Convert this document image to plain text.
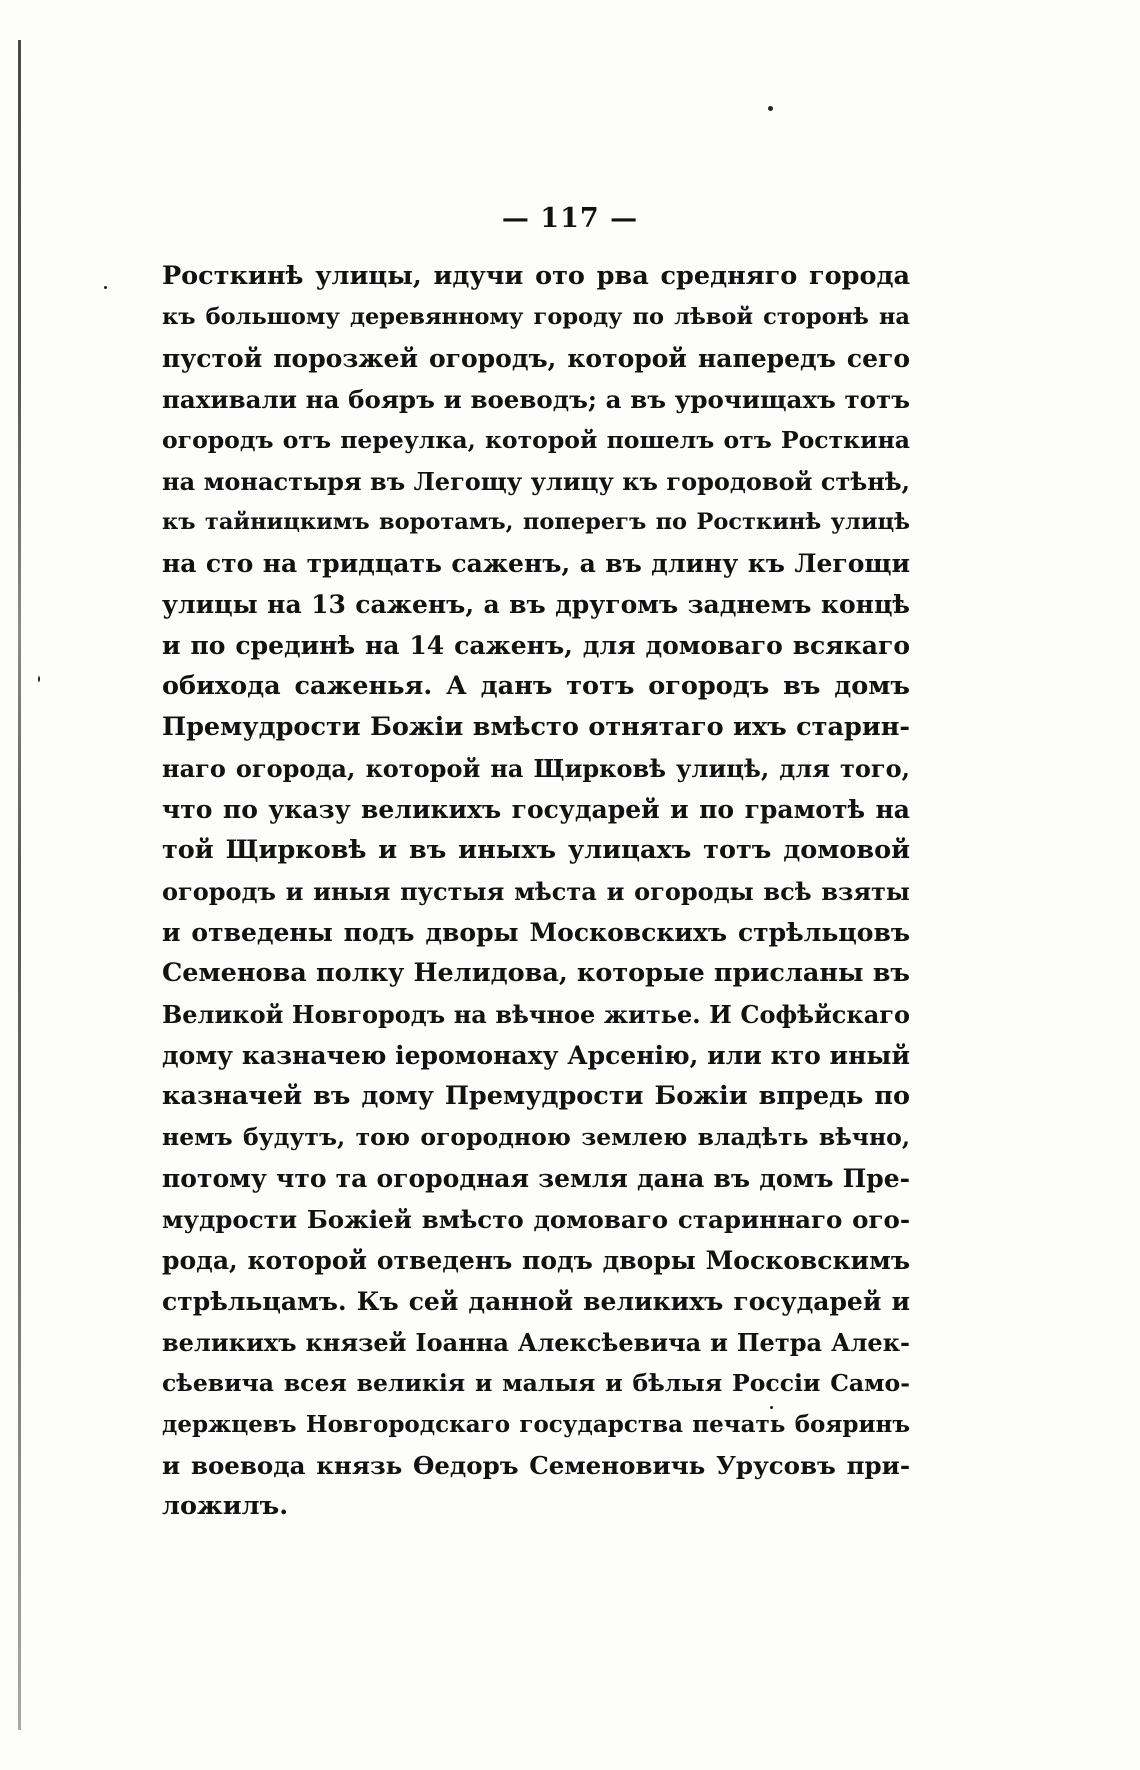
— 117 —
Росткинѣ улицы, идучи ото рва средняго города
къ большому деревянному городу по лѣвой сторонѣ на
пустой порозжей огородъ, которой напередъ сего
пахивали на бояръ и воеводъ; а въ урочищахъ тотъ
огородъ отъ переулка, которой пошелъ отъ Росткина
на монастыря въ Легощу улицу къ городовой стѣнѣ,
къ тайницкимъ воротамъ, поперегъ по Росткинѣ улицѣ
на сто на тридцать саженъ, а въ длину къ Легощи
улицы на 13 саженъ, а въ другомъ заднемъ концѣ
и по срединѣ на 14 саженъ, для домоваго всякаго
обихода саженья. А данъ тотъ огородъ въ домъ
Премудрости Божіи вмѣсто отнятаго ихъ старин-
наго огорода, которой на Щирковѣ улицѣ, для того,
что по указу великихъ государей и по грамотѣ на
той Щирковѣ и въ иныхъ улицахъ тотъ домовой
огородъ и иныя пустыя мѣста и огороды всѣ взяты
и отведены подъ дворы Московскихъ стрѣльцовъ
Семенова полку Нелидова, которые присланы въ
Великой Новгородъ на вѣчное житье. И Софѣйскаго
дому казначею іеромонаху Арсенію, или кто иный
казначей въ дому Премудрости Божіи впредь по
немъ будутъ, тою огородною землею владѣть вѣчно,
потому что та огородная земля дана въ домъ Пре-
мудрости Божіей вмѣсто домоваго стариннаго ого-
рода, которой отведенъ подъ дворы Московскимъ
стрѣльцамъ. Къ сей данной великихъ государей и
великихъ князей Іоанна Алексѣевича и Петра Алек-
сѣевича всея великія и малыя и бѣлыя Россіи Само-
держцевъ Новгородскаго государства печать бояринъ
и воевода князь Ѳедоръ Семеновичь Урусовъ при-
ложилъ.
